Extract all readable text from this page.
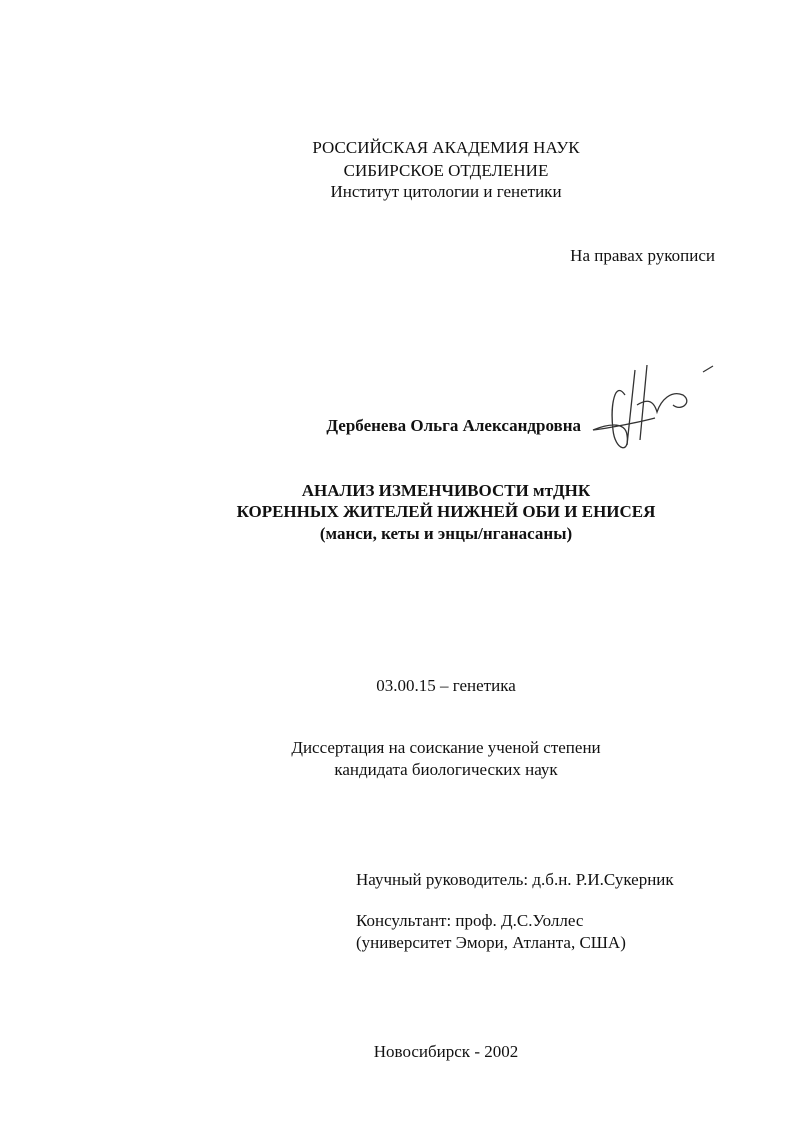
РОССИЙСКАЯ АКАДЕМИЯ НАУК
СИБИРСКОЕ ОТДЕЛЕНИЕ
Институт цитологии и генетики
На правах рукописи
Дербенева Ольга Александровна
АНАЛИЗ ИЗМЕНЧИВОСТИ мтДНК
КОРЕННЫХ ЖИТЕЛЕЙ НИЖНЕЙ ОБИ И ЕНИСЕЯ
(манси, кеты и энцы/нганасаны)
03.00.15 – генетика
Диссертация на соискание ученой степени
кандидата биологических наук
Научный руководитель: д.б.н. Р.И.Сукерник
Консультант: проф. Д.С.Уоллес
(университет Эмори, Атланта, США)
Новосибирск - 2002
